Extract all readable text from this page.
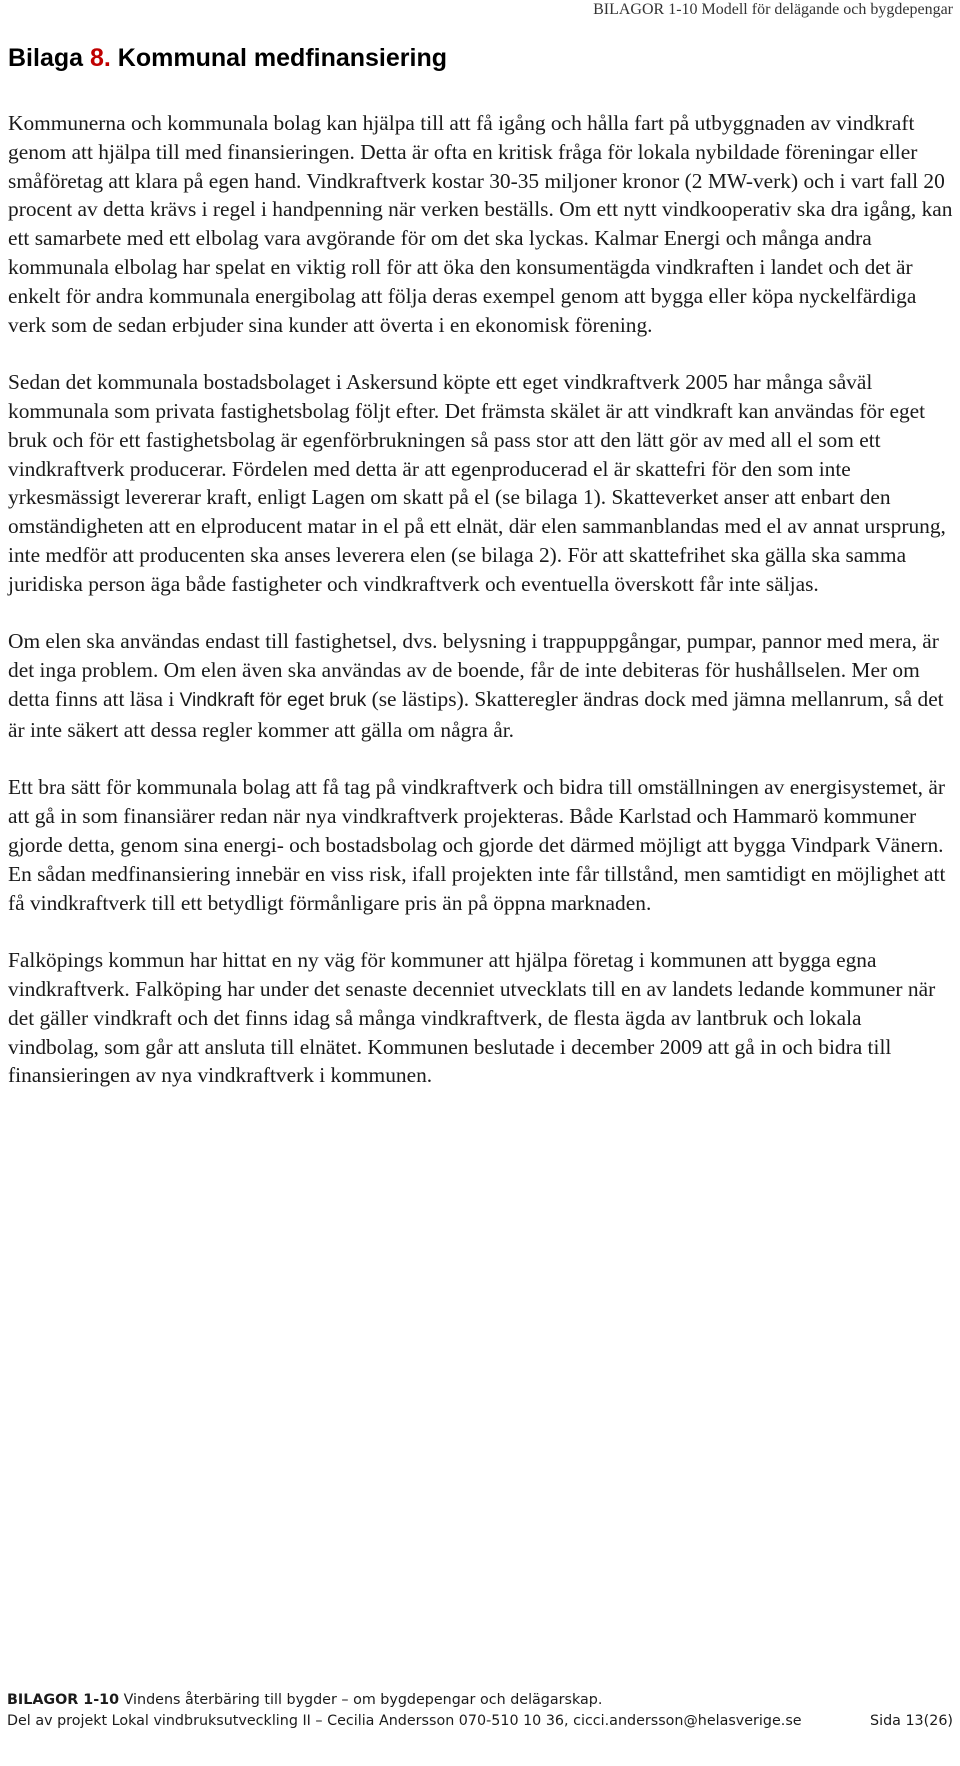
BILAGOR 1-10 Modell för delägande och bygdepengar
Bilaga 8. Kommunal medfinansiering

Kommunerna och kommunala bolag kan hjälpa till att få igång och hålla fart på utbyggnaden av vindkraft genom att hjälpa till med finansieringen. Detta är ofta en kritisk fråga för lokala nybildade föreningar eller småföretag att klara på egen hand. Vindkraftverk kostar 30-35 miljoner kronor (2 MW-verk) och i vart fall 20 procent av detta krävs i regel i handpenning när verken beställs. Om ett nytt vindkooperativ ska dra igång, kan ett samarbete med ett elbolag vara avgörande för om det ska lyckas. Kalmar Energi och många andra kommunala elbolag har spelat en viktig roll för att öka den konsumentägda vindkraften i landet och det är enkelt för andra kommunala energibolag att följa deras exempel genom att bygga eller köpa nyckelfärdiga verk som de sedan erbjuder sina kunder att överta i en ekonomisk förening.

Sedan det kommunala bostadsbolaget i Askersund köpte ett eget vindkraftverk 2005 har många såväl kommunala som privata fastighetsbolag följt efter. Det främsta skälet är att vindkraft kan användas för eget bruk och för ett fastighetsbolag är egenförbrukningen så pass stor att den lätt gör av med all el som ett vindkraftverk producerar. Fördelen med detta är att egenproducerad el är skattefri för den som inte yrkesmässigt levererar kraft, enligt Lagen om skatt på el (se bilaga 1). Skatteverket anser att enbart den omständigheten att en elproducent matar in el på ett elnät, där elen sammanblandas med el av annat ursprung, inte medför att producenten ska anses leverera elen (se bilaga 2). För att skattefrihet ska gälla ska samma juridiska person äga både fastigheter och vindkraftverk och eventuella överskott får inte säljas.

Om elen ska användas endast till fastighetsel, dvs. belysning i trappuppgångar, pumpar, pannor med mera, är det inga problem. Om elen även ska användas av de boende, får de inte debiteras för hushållselen. Mer om detta finns att läsa i Vindkraft för eget bruk (se lästips). Skatteregler ändras dock med jämna mellanrum, så det är inte säkert att dessa regler kommer att gälla om några år.

Ett bra sätt för kommunala bolag att få tag på vindkraftverk och bidra till omställningen av energisystemet, är att gå in som finansiärer redan när nya vindkraftverk projekteras. Både Karlstad och Hammarö kommuner gjorde detta, genom sina energi- och bostadsbolag och gjorde det därmed möjligt att bygga Vindpark Vänern. En sådan medfinansiering innebär en viss risk, ifall projekten inte får tillstånd, men samtidigt en möjlighet att få vindkraftverk till ett betydligt förmånligare pris än på öppna marknaden.

Falköpings kommun har hittat en ny väg för kommuner att hjälpa företag i kommunen att bygga egna vindkraftverk. Falköping har under det senaste decenniet utvecklats till en av landets ledande kommuner när det gäller vindkraft och det finns idag så många vindkraftverk, de flesta ägda av lantbruk och lokala vindbolag, som går att ansluta till elnätet. Kommunen beslutade i december 2009 att gå in och bidra till finansieringen av nya vindkraftverk i kommunen.

BILAGOR 1-10 Vindens återbäring till bygder – om bygdepengar och delägarskap.
Del av projekt Lokal vindbruksutveckling II – Cecilia Andersson 070-510 10 36, cicci.andersson@helasverige.se	Sida 13(26)
